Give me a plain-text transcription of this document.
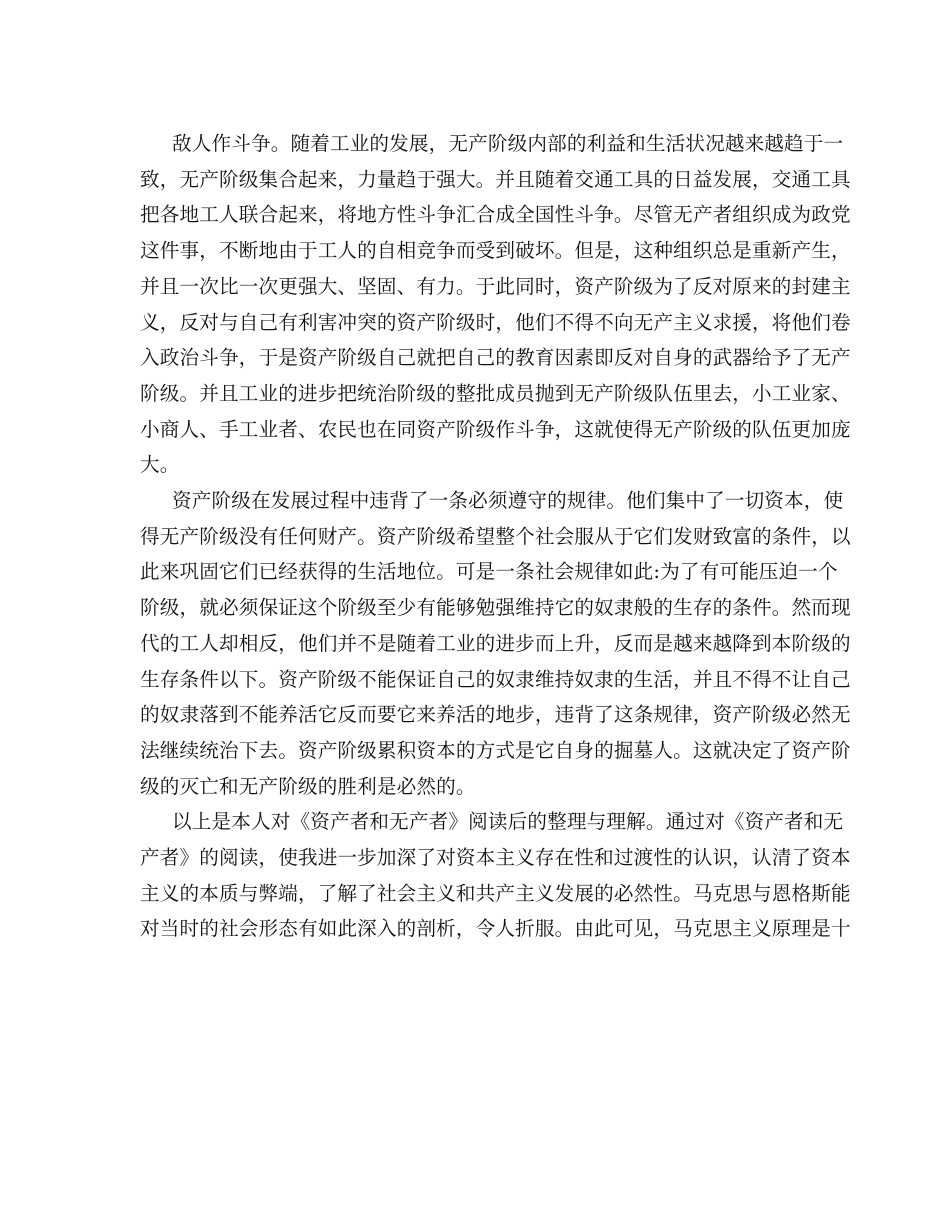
敌人作斗争。随着工业的发展，无产阶级内部的利益和生活状况越来越趋于一
致，无产阶级集合起来，力量趋于强大。并且随着交通工具的日益发展，交通工具
把各地工人联合起来，将地方性斗争汇合成全国性斗争。尽管无产者组织成为政党
这件事，不断地由于工人的自相竞争而受到破坏。但是，这种组织总是重新产生，
并且一次比一次更强大、坚固、有力。于此同时，资产阶级为了反对原来的封建主
义，反对与自己有利害冲突的资产阶级时，他们不得不向无产主义求援，将他们卷
入政治斗争，于是资产阶级自己就把自己的教育因素即反对自身的武器给予了无产
阶级。并且工业的进步把统治阶级的整批成员抛到无产阶级队伍里去，小工业家、
小商人、手工业者、农民也在同资产阶级作斗争，这就使得无产阶级的队伍更加庞
大。

资产阶级在发展过程中违背了一条必须遵守的规律。他们集中了一切资本，使
得无产阶级没有任何财产。资产阶级希望整个社会服从于它们发财致富的条件，以
此来巩固它们已经获得的生活地位。可是一条社会规律如此:为了有可能压迫一个
阶级，就必须保证这个阶级至少有能够勉强维持它的奴隶般的生存的条件。然而现
代的工人却相反，他们并不是随着工业的进步而上升，反而是越来越降到本阶级的
生存条件以下。资产阶级不能保证自己的奴隶维持奴隶的生活，并且不得不让自己
的奴隶落到不能养活它反而要它来养活的地步，违背了这条规律，资产阶级必然无
法继续统治下去。资产阶级累积资本的方式是它自身的掘墓人。这就决定了资产阶
级的灭亡和无产阶级的胜利是必然的。

以上是本人对《资产者和无产者》阅读后的整理与理解。通过对《资产者和无
产者》的阅读，使我进一步加深了对资本主义存在性和过渡性的认识，认清了资本
主义的本质与弊端，了解了社会主义和共产主义发展的必然性。马克思与恩格斯能
对当时的社会形态有如此深入的剖析，令人折服。由此可见，马克思主义原理是十
